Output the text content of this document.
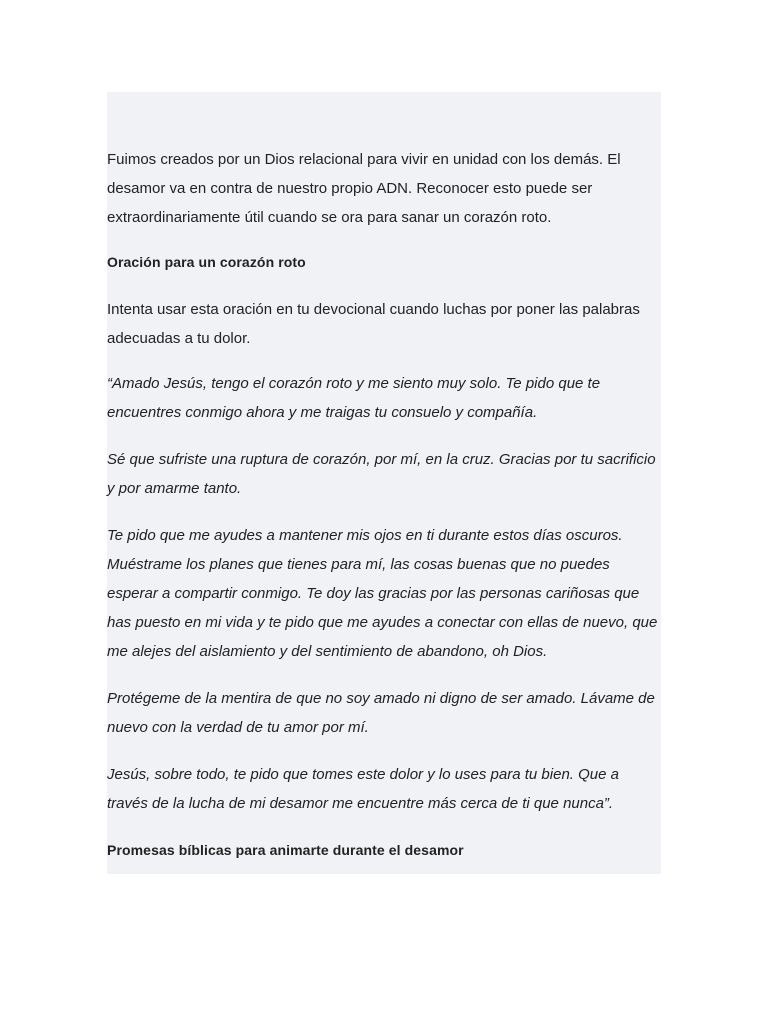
Fuimos creados por un Dios relacional para vivir en unidad con los demás. El desamor va en contra de nuestro propio ADN. Reconocer esto puede ser extraordinariamente útil cuando se ora para sanar un corazón roto.

Oración para un corazón roto

Intenta usar esta oración en tu devocional cuando luchas por poner las palabras adecuadas a tu dolor.

“Amado Jesús, tengo el corazón roto y me siento muy solo. Te pido que te encuentres conmigo ahora y me traigas tu consuelo y compañía.

Sé que sufriste una ruptura de corazón, por mí, en la cruz. Gracias por tu sacrificio y por amarme tanto.

Te pido que me ayudes a mantener mis ojos en ti durante estos días oscuros. Muéstrame los planes que tienes para mí, las cosas buenas que no puedes esperar a compartir conmigo. Te doy las gracias por las personas cariñosas que has puesto en mi vida y te pido que me ayudes a conectar con ellas de nuevo, que me alejes del aislamiento y del sentimiento de abandono, oh Dios.

Protégeme de la mentira de que no soy amado ni digno de ser amado. Lávame de nuevo con la verdad de tu amor por mí.

Jesús, sobre todo, te pido que tomes este dolor y lo uses para tu bien. Que a través de la lucha de mi desamor me encuentre más cerca de ti que nunca”.

Promesas bíblicas para animarte durante el desamor
